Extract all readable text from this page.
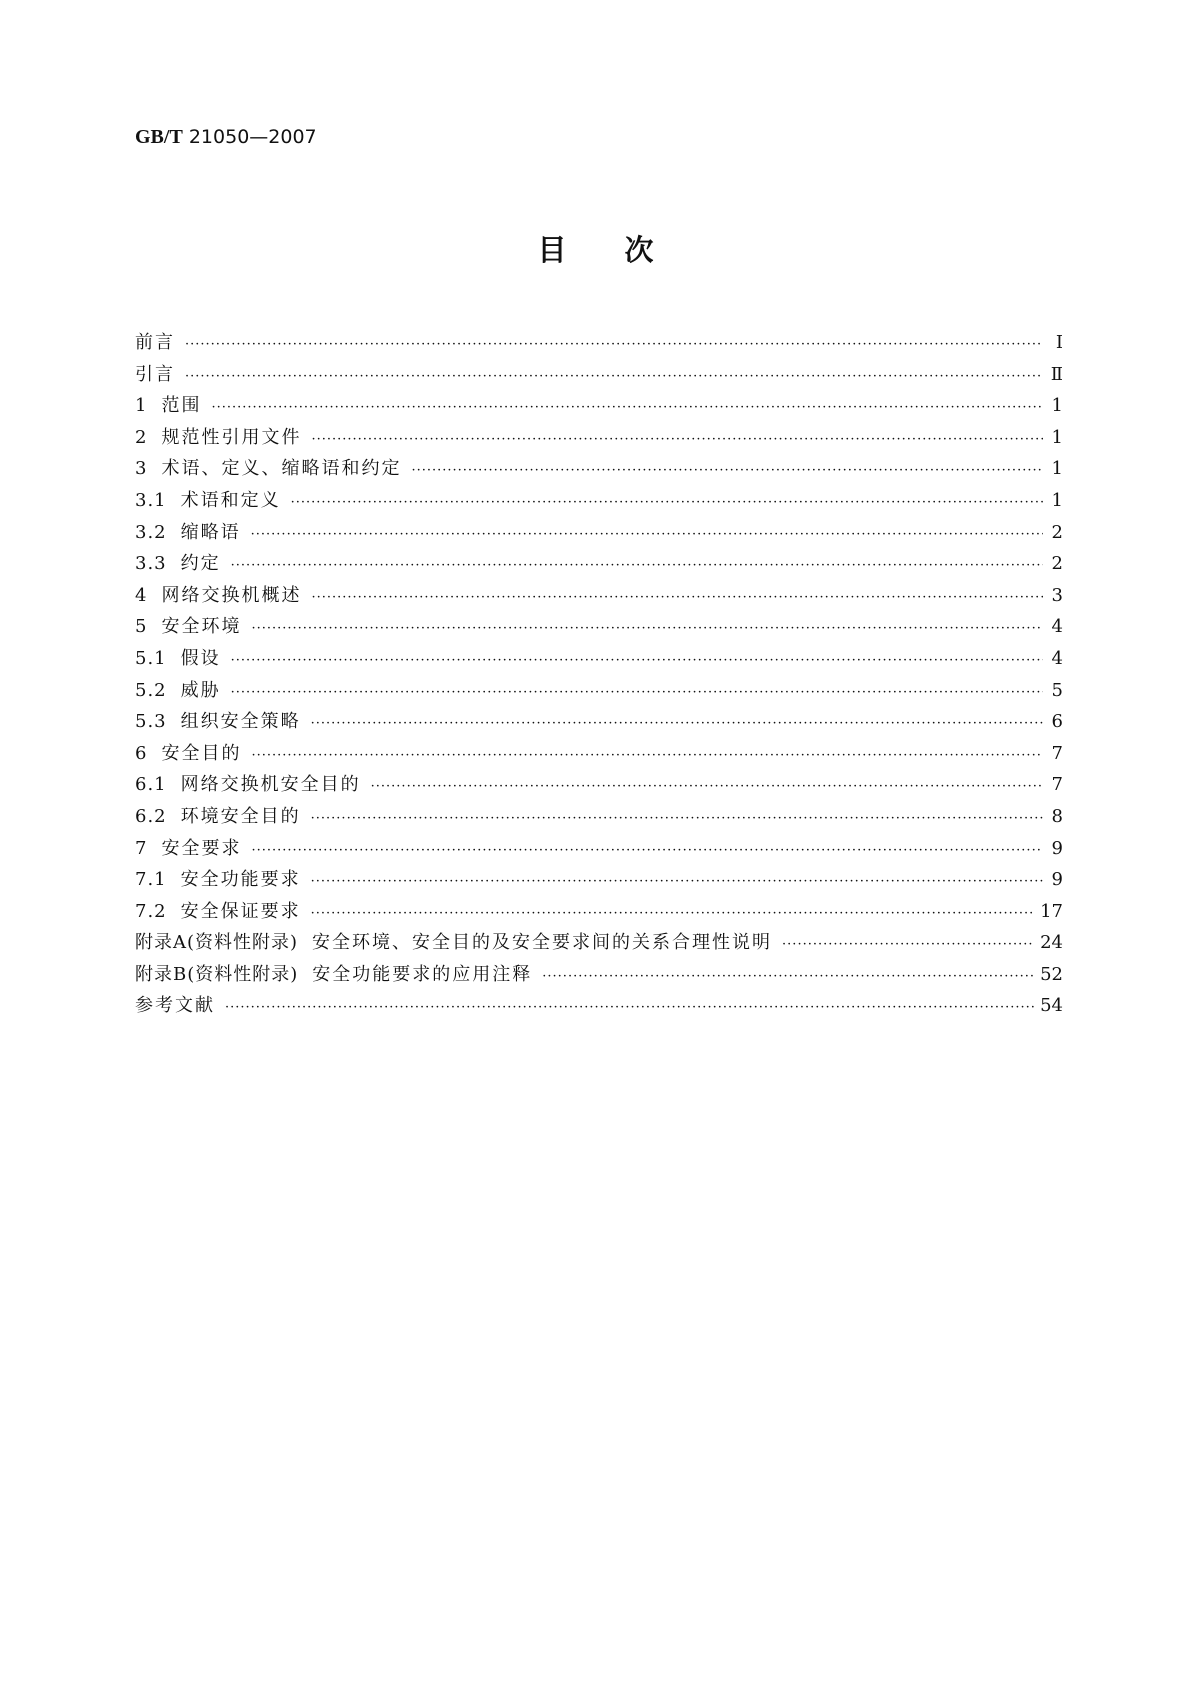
GB/T 21050—2007
目次
前言 ·····	Ⅰ
引言 ·····	Ⅱ
1 范围 ·····	1
2 规范性引用文件 ·····	1
3 术语、定义、缩略语和约定 ·····	1
3.1 术语和定义 ·····	1
3.2 缩略语 ·····	2
3.3 约定 ·····	2
4 网络交换机概述 ·····	3
5 安全环境 ·····	4
5.1 假设 ·····	4
5.2 威胁 ·····	5
5.3 组织安全策略 ·····	6
6 安全目的 ·····	7
6.1 网络交换机安全目的 ·····	7
6.2 环境安全目的 ·····	8
7 安全要求 ·····	9
7.1 安全功能要求 ·····	9
7.2 安全保证要求 ·····	17
附录A(资料性附录) 安全环境、安全目的及安全要求间的关系合理性说明 ·····	24
附录B(资料性附录) 安全功能要求的应用注释 ·····	52
参考文献 ·····	54
